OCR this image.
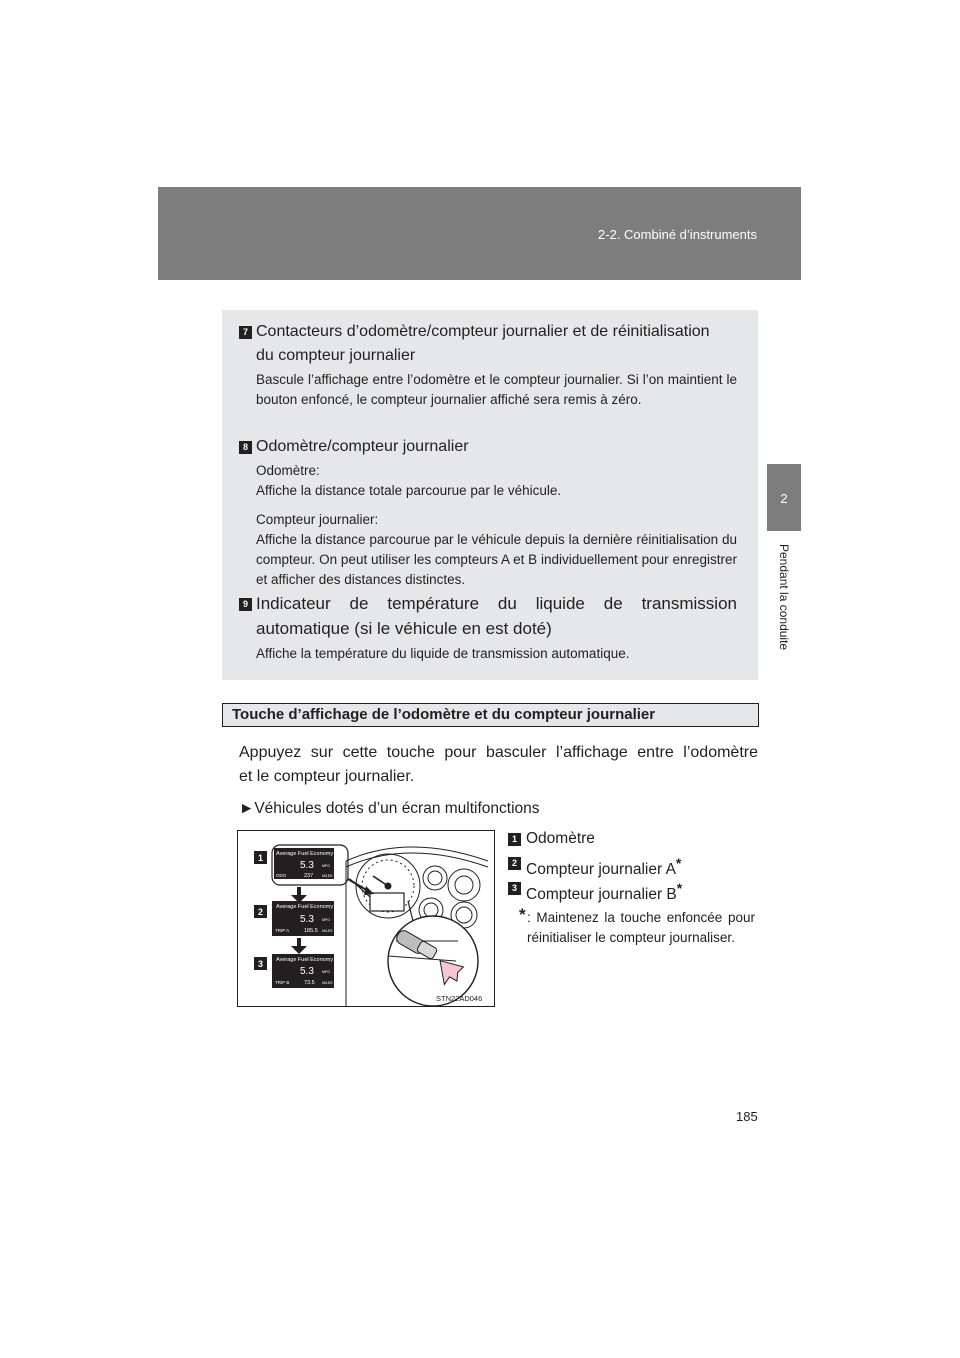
2-2. Combiné d’instruments
2
Pendant la conduite
7 Contacteurs d’odomètre/compteur journalier et de réinitialisation
du compteur journalier
Bascule l’affichage entre l’odomètre et le compteur journalier. Si l’on maintient le bouton enfoncé, le compteur journalier affiché sera remis à zéro.
8 Odomètre/compteur journalier
Odomètre:
Affiche la distance totale parcourue par le véhicule.
Compteur journalier:
Affiche la distance parcourue par le véhicule depuis la dernière réinitialisation du compteur. On peut utiliser les compteurs A et B individuellement pour enregistrer et afficher des distances distinctes.
9 Indicateur de température du liquide de transmission
automatique (si le véhicule en est doté)
Affiche la température du liquide de transmission automatique.
Touche d’affichage de l’odomètre et du compteur journalier
Appuyez sur cette touche pour basculer l’affichage entre l’odomètre
et le compteur journalier.
►Véhicules dotés d’un écran multifonctions
1 Average Fuel Economy
5.3 MPG
ODO	237	MILES
2 Average Fuel Economy
5.3 MPG
TRIP A	185.5 MILES
3 Average Fuel Economy
5.3 MPG
TRIP B	73.5 MILES
STN22AD046
1 Odomètre
2 Compteur journalier A*
3 Compteur journalier B*
* : Maintenez la touche enfoncée pour réinitialiser le compteur journaliser.
185
